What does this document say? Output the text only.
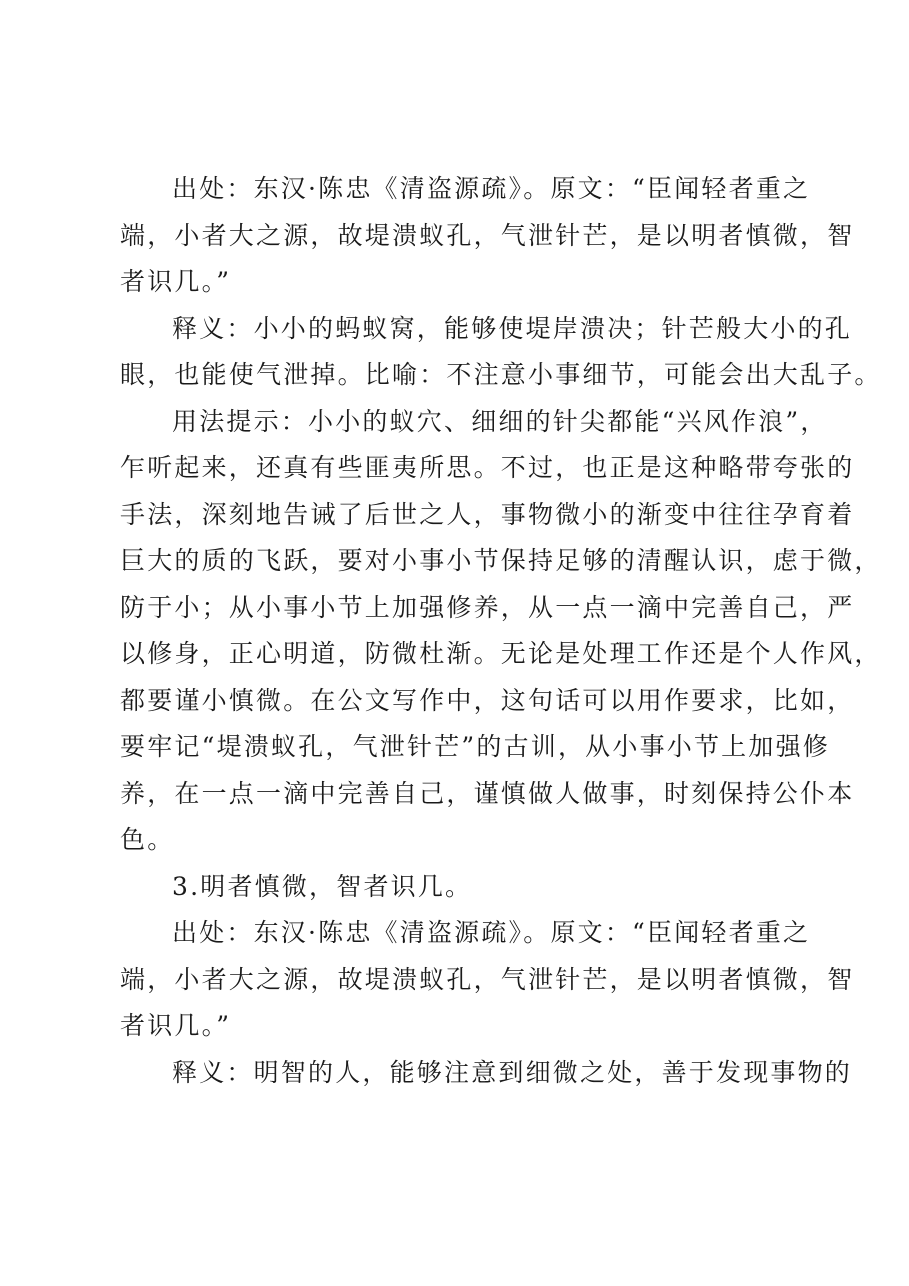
出处：东汉·陈忠《清盗源疏》。原文：“臣闻轻者重之
端，小者大之源，故堤溃蚁孔，气泄针芒，是以明者慎微，智
者识几。”
释义：小小的蚂蚁窝，能够使堤岸溃决；针芒般大小的孔
眼，也能使气泄掉。比喻：不注意小事细节，可能会出大乱子。
用法提示：小小的蚁穴、细细的针尖都能“兴风作浪”，
乍听起来，还真有些匪夷所思。不过，也正是这种略带夸张的
手法，深刻地告诫了后世之人，事物微小的渐变中往往孕育着
巨大的质的飞跃，要对小事小节保持足够的清醒认识，虑于微，
防于小；从小事小节上加强修养，从一点一滴中完善自己，严
以修身，正心明道，防微杜渐。无论是处理工作还是个人作风，
都要谨小慎微。在公文写作中，这句话可以用作要求，比如，
要牢记“堤溃蚁孔，气泄针芒”的古训，从小事小节上加强修
养，在一点一滴中完善自己，谨慎做人做事，时刻保持公仆本
色。
3.明者慎微，智者识几。
出处：东汉·陈忠《清盗源疏》。原文：“臣闻轻者重之
端，小者大之源，故堤溃蚁孔，气泄针芒，是以明者慎微，智
者识几。”
释义：明智的人，能够注意到细微之处，善于发现事物的
